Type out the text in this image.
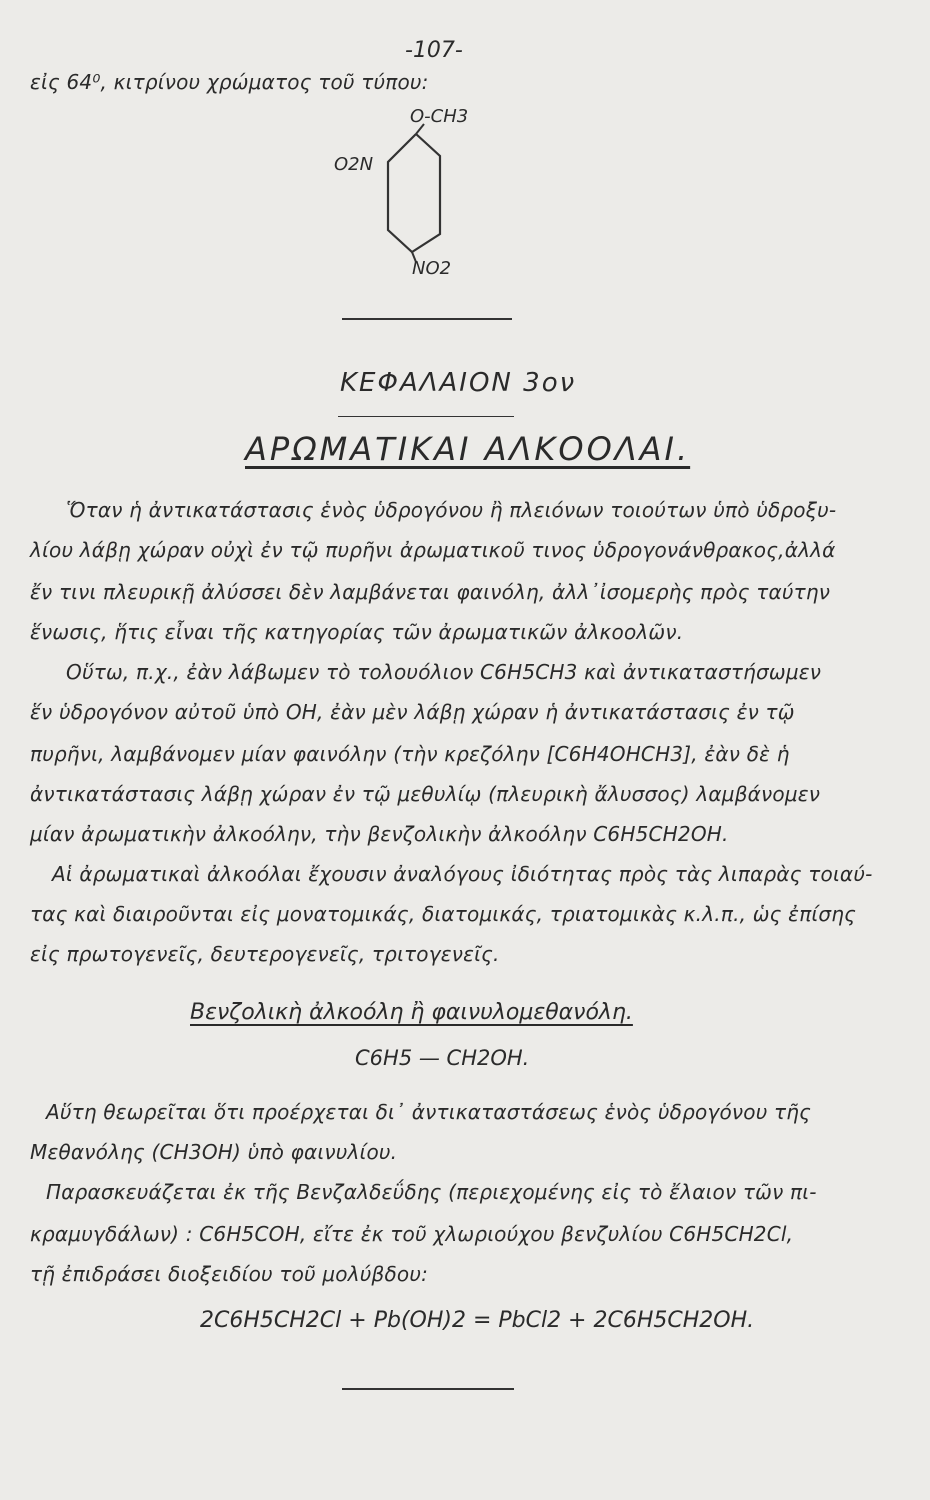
-107-
εἰς 64⁰, κιτρίνου χρώματος τοῦ τύπου:
O-CH3
O2N
NO2
ΚΕΦΑΛΑΙΟΝ 3ον
ΑΡΩΜΑΤΙΚΑΙ ΑΛΚΟΟΛΑΙ.
Ὅταν ἡ ἀντικατάστασις ἑνὸς ὑδρογόνου ἢ πλειόνων τοιούτων ὑπὸ ὑδροξυ-
λίου λάβῃ χώραν οὐχὶ ἐν τῷ πυρῆνι ἀρωματικοῦ τινος ὑδρογονάνθρακος,ἀλλά
ἔν τινι πλευρικῇ ἀλύσσει δὲν λαμβάνεται φαινόλη, ἀλλ᾽ἰσομερὴς πρὸς ταύτην
ἕνωσις, ἥτις εἶναι τῆς κατηγορίας τῶν ἀρωματικῶν ἀλκοολῶν.
Οὕτω, π.χ., ἐὰν λάβωμεν τὸ τολουόλιον C6H5CH3 καὶ ἀντικαταστήσωμεν
ἕν ὑδρογόνον αὐτοῦ ὑπὸ ΟΗ, ἐὰν μὲν λάβῃ χώραν ἡ ἀντικατάστασις ἐν τῷ
πυρῆνι, λαμβάνομεν μίαν φαινόλην (τὴν κρεζόλην [C6H4OHCH3], ἐὰν δὲ ἡ
ἀντικατάστασις λάβῃ χώραν ἐν τῷ μεθυλίῳ (πλευρικὴ ἄλυσσος) λαμβάνομεν
μίαν ἀρωματικὴν ἀλκοόλην, τὴν βενζολικὴν ἀλκοόλην C6H5CH2OH.
Αἱ ἀρωματικαὶ ἀλκοόλαι ἔχουσιν ἀναλόγους ἰδιότητας πρὸς τὰς λιπαρὰς τοιαύ-
τας καὶ διαιροῦνται εἰς μονατομικάς, διατομικάς, τριατομικὰς κ.λ.π., ὡς ἐπίσης
εἰς πρωτογενεῖς, δευτερογενεῖς, τριτογενεῖς.
Βενζολικὴ ἀλκοόλη ἢ φαινυλομεθανόλη.
C6H5 — CH2OH.
Αὕτη θεωρεῖται ὅτι προέρχεται δι᾽ ἀντικαταστάσεως ἑνὸς ὑδρογόνου τῆς
Μεθανόλης (CH3OH) ὑπὸ φαινυλίου.
Παρασκευάζεται ἐκ τῆς Βενζαλδεΰδης (περιεχομένης εἰς τὸ ἔλαιον τῶν πι-
κραμυγδάλων) : C6H5COH, εἴτε ἐκ τοῦ χλωριούχου βενζυλίου C6H5CH2Cl,
τῇ ἐπιδράσει διοξειδίου τοῦ μολύβδου:
2C6H5CH2Cl + Pb(OH)2 = PbCl2 + 2C6H5CH2OH.
